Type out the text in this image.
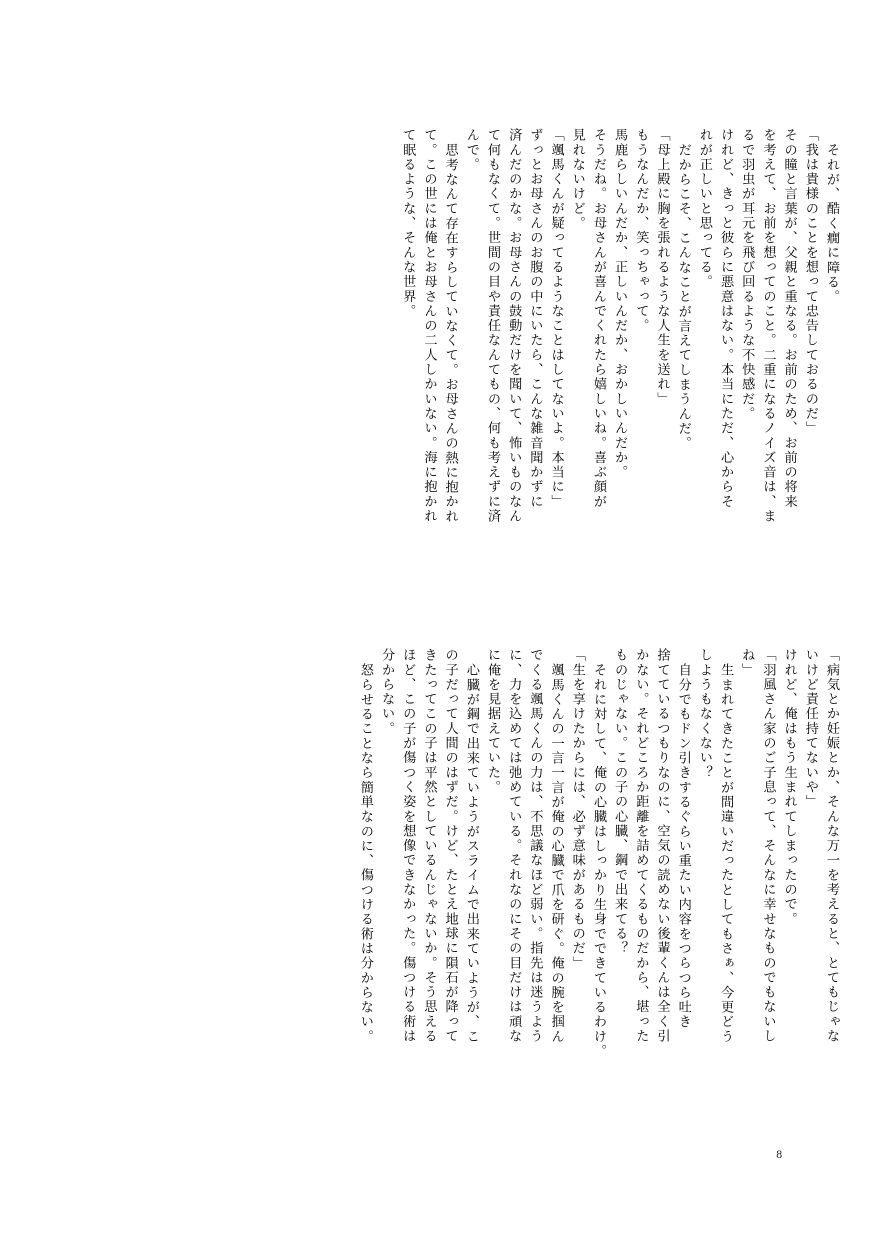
それが、酷く癇に障る。
「我は貴様のことを想って忠告しておるのだ」
その瞳と言葉が、父親と重なる。お前のため、お前の将来
を考えて、お前を想ってのこと。二重になるノイズ音は、ま
るで羽虫が耳元を飛び回るような不快感だ。
けれど、きっと彼らに悪意はない。本当にただ、心からそ
れが正しいと思ってる。
だからこそ、こんなことが言えてしまうんだ。
「母上殿に胸を張れるような人生を送れ」
もうなんだか、笑っちゃって。
馬鹿らしいんだか、正しいんだか、おかしいんだか。
そうだね。お母さんが喜んでくれたら嬉しいね。喜ぶ顔が
見れないけど。
「颯馬くんが疑ってるようなことはしてないよ。本当に」
ずっとお母さんのお腹の中にいたら、こんな雑音聞かずに
済んだのかな。お母さんの鼓動だけを聞いて、怖いものなん
て何もなくて。世間の目や責任なんてもの、何も考えずに済
んで。
思考なんて存在すらしていなくて。お母さんの熱に抱かれ
て。この世には俺とお母さんの二人しかいない。海に抱かれ
て眠るような、そんな世界。
「病気とか妊娠とか、そんな万一を考えると、とてもじゃな
いけど責任持てないや」
けれど、俺はもう生まれてしまったので。
「羽風さん家のご子息って、そんなに幸せなものでもないし
ね」
生まれてきたことが間違いだったとしてもさぁ、今更どう
しようもなくない？
自分でもドン引きするぐらい重たい内容をつらつら吐き
捨てているつもりなのに、空気の読めない後輩くんは全く引
かない。それどころか距離を詰めてくるものだから、堪った
ものじゃない。この子の心臓、鋼で出来てる？
それに対して、俺の心臓はしっかり生身でできているわけ。
「生を享けたからには、必ず意味があるものだ」
颯馬くんの一言一言が俺の心臓で爪を研ぐ。俺の腕を掴ん
でくる颯馬くんの力は、不思議なほど弱い。指先は迷うよう
に、力を込めては弛めている。それなのにその目だけは頑な
に俺を見据えていた。
心臓が鋼で出来ていようがスライムで出来ていようが、こ
の子だって人間のはずだ。けど、たとえ地球に隕石が降って
きたってこの子は平然としているんじゃないか。そう思える
ほど、この子が傷つく姿を想像できなかった。傷つける術は
分からない。
怒らせることなら簡単なのに、傷つける術は分からない。
8
